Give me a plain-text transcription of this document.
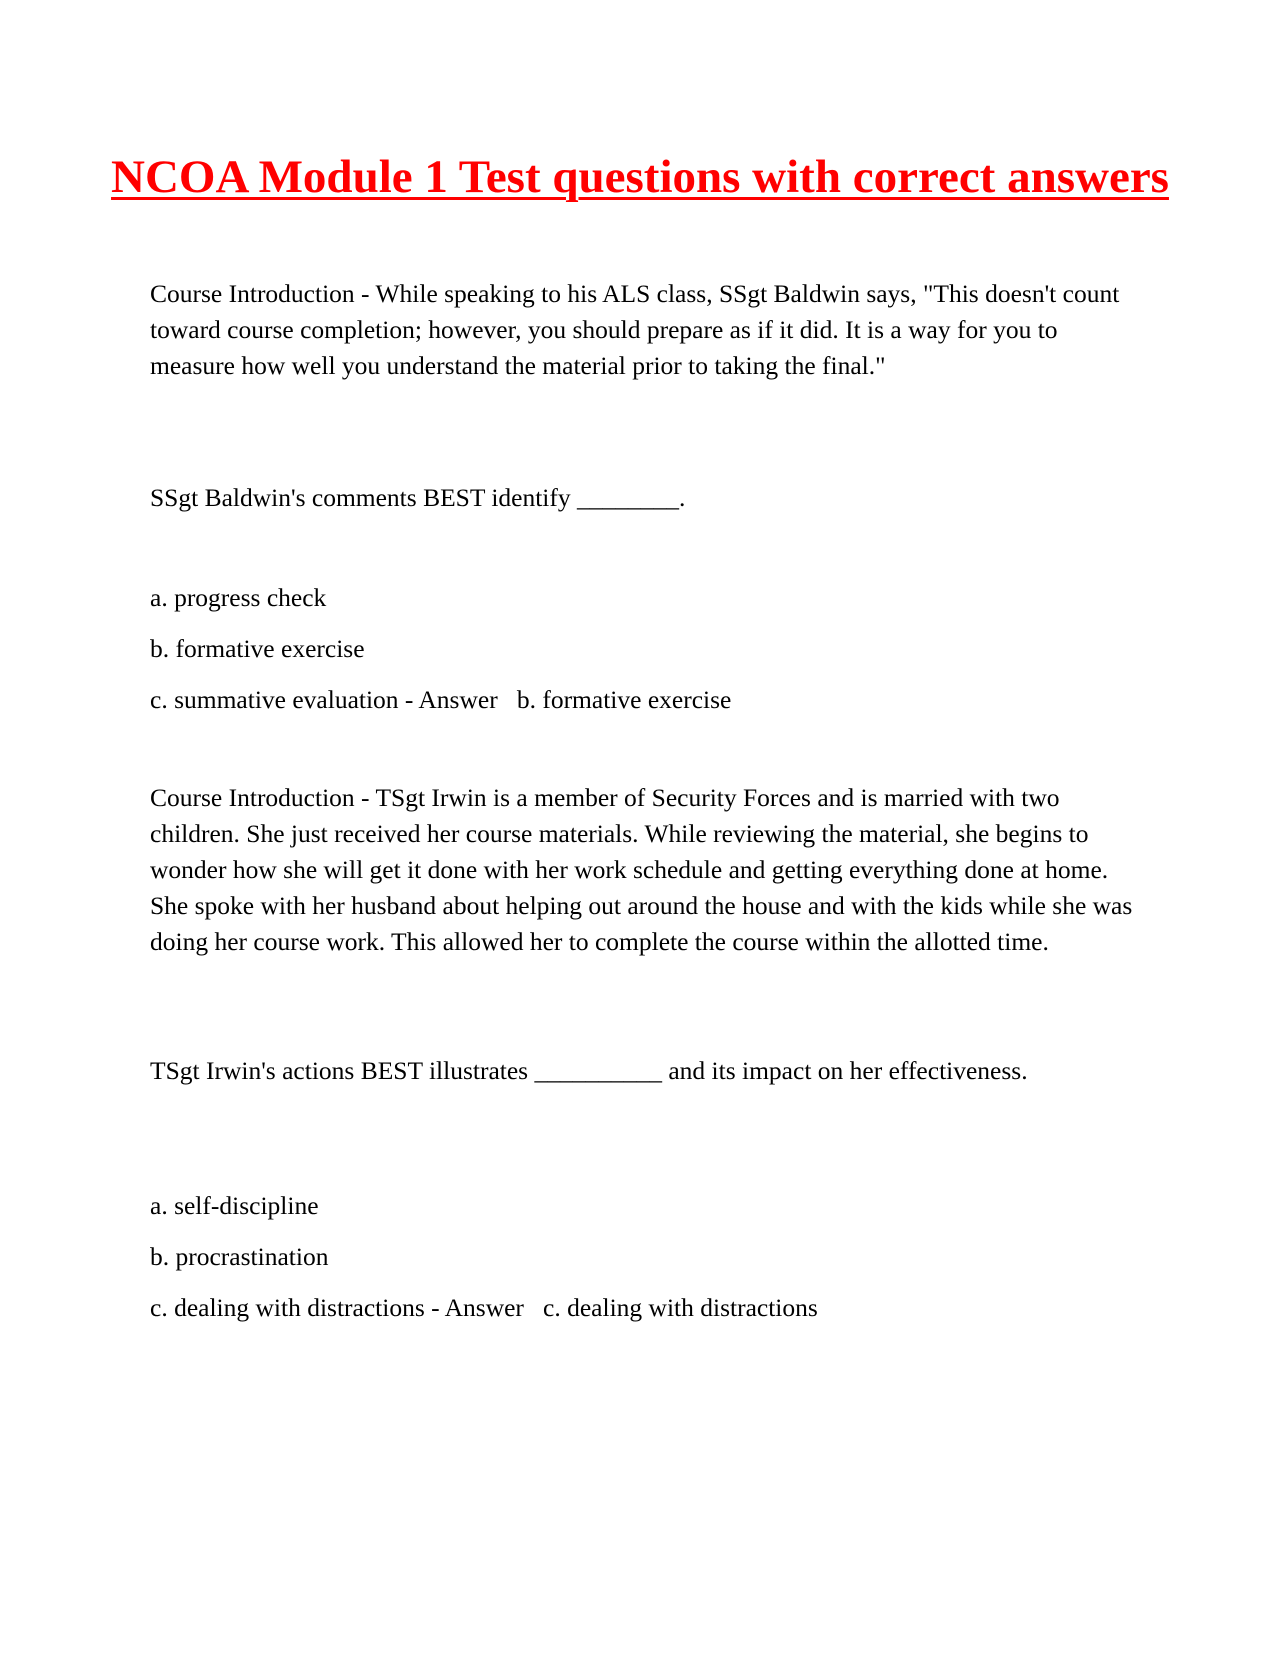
NCOA Module 1 Test questions with correct answers

Course Introduction - While speaking to his ALS class, SSgt Baldwin says, "This doesn't count toward course completion; however, you should prepare as if it did. It is a way for you to measure how well you understand the material prior to taking the final."

SSgt Baldwin's comments BEST identify ________.

a. progress check

b. formative exercise

c. summative evaluation - Answer   b. formative exercise

Course Introduction - TSgt Irwin is a member of Security Forces and is married with two children. She just received her course materials. While reviewing the material, she begins to wonder how she will get it done with her work schedule and getting everything done at home. She spoke with her husband about helping out around the house and with the kids while she was doing her course work. This allowed her to complete the course within the allotted time.

TSgt Irwin's actions BEST illustrates __________ and its impact on her effectiveness.

a. self-discipline

b. procrastination

c. dealing with distractions - Answer   c. dealing with distractions
